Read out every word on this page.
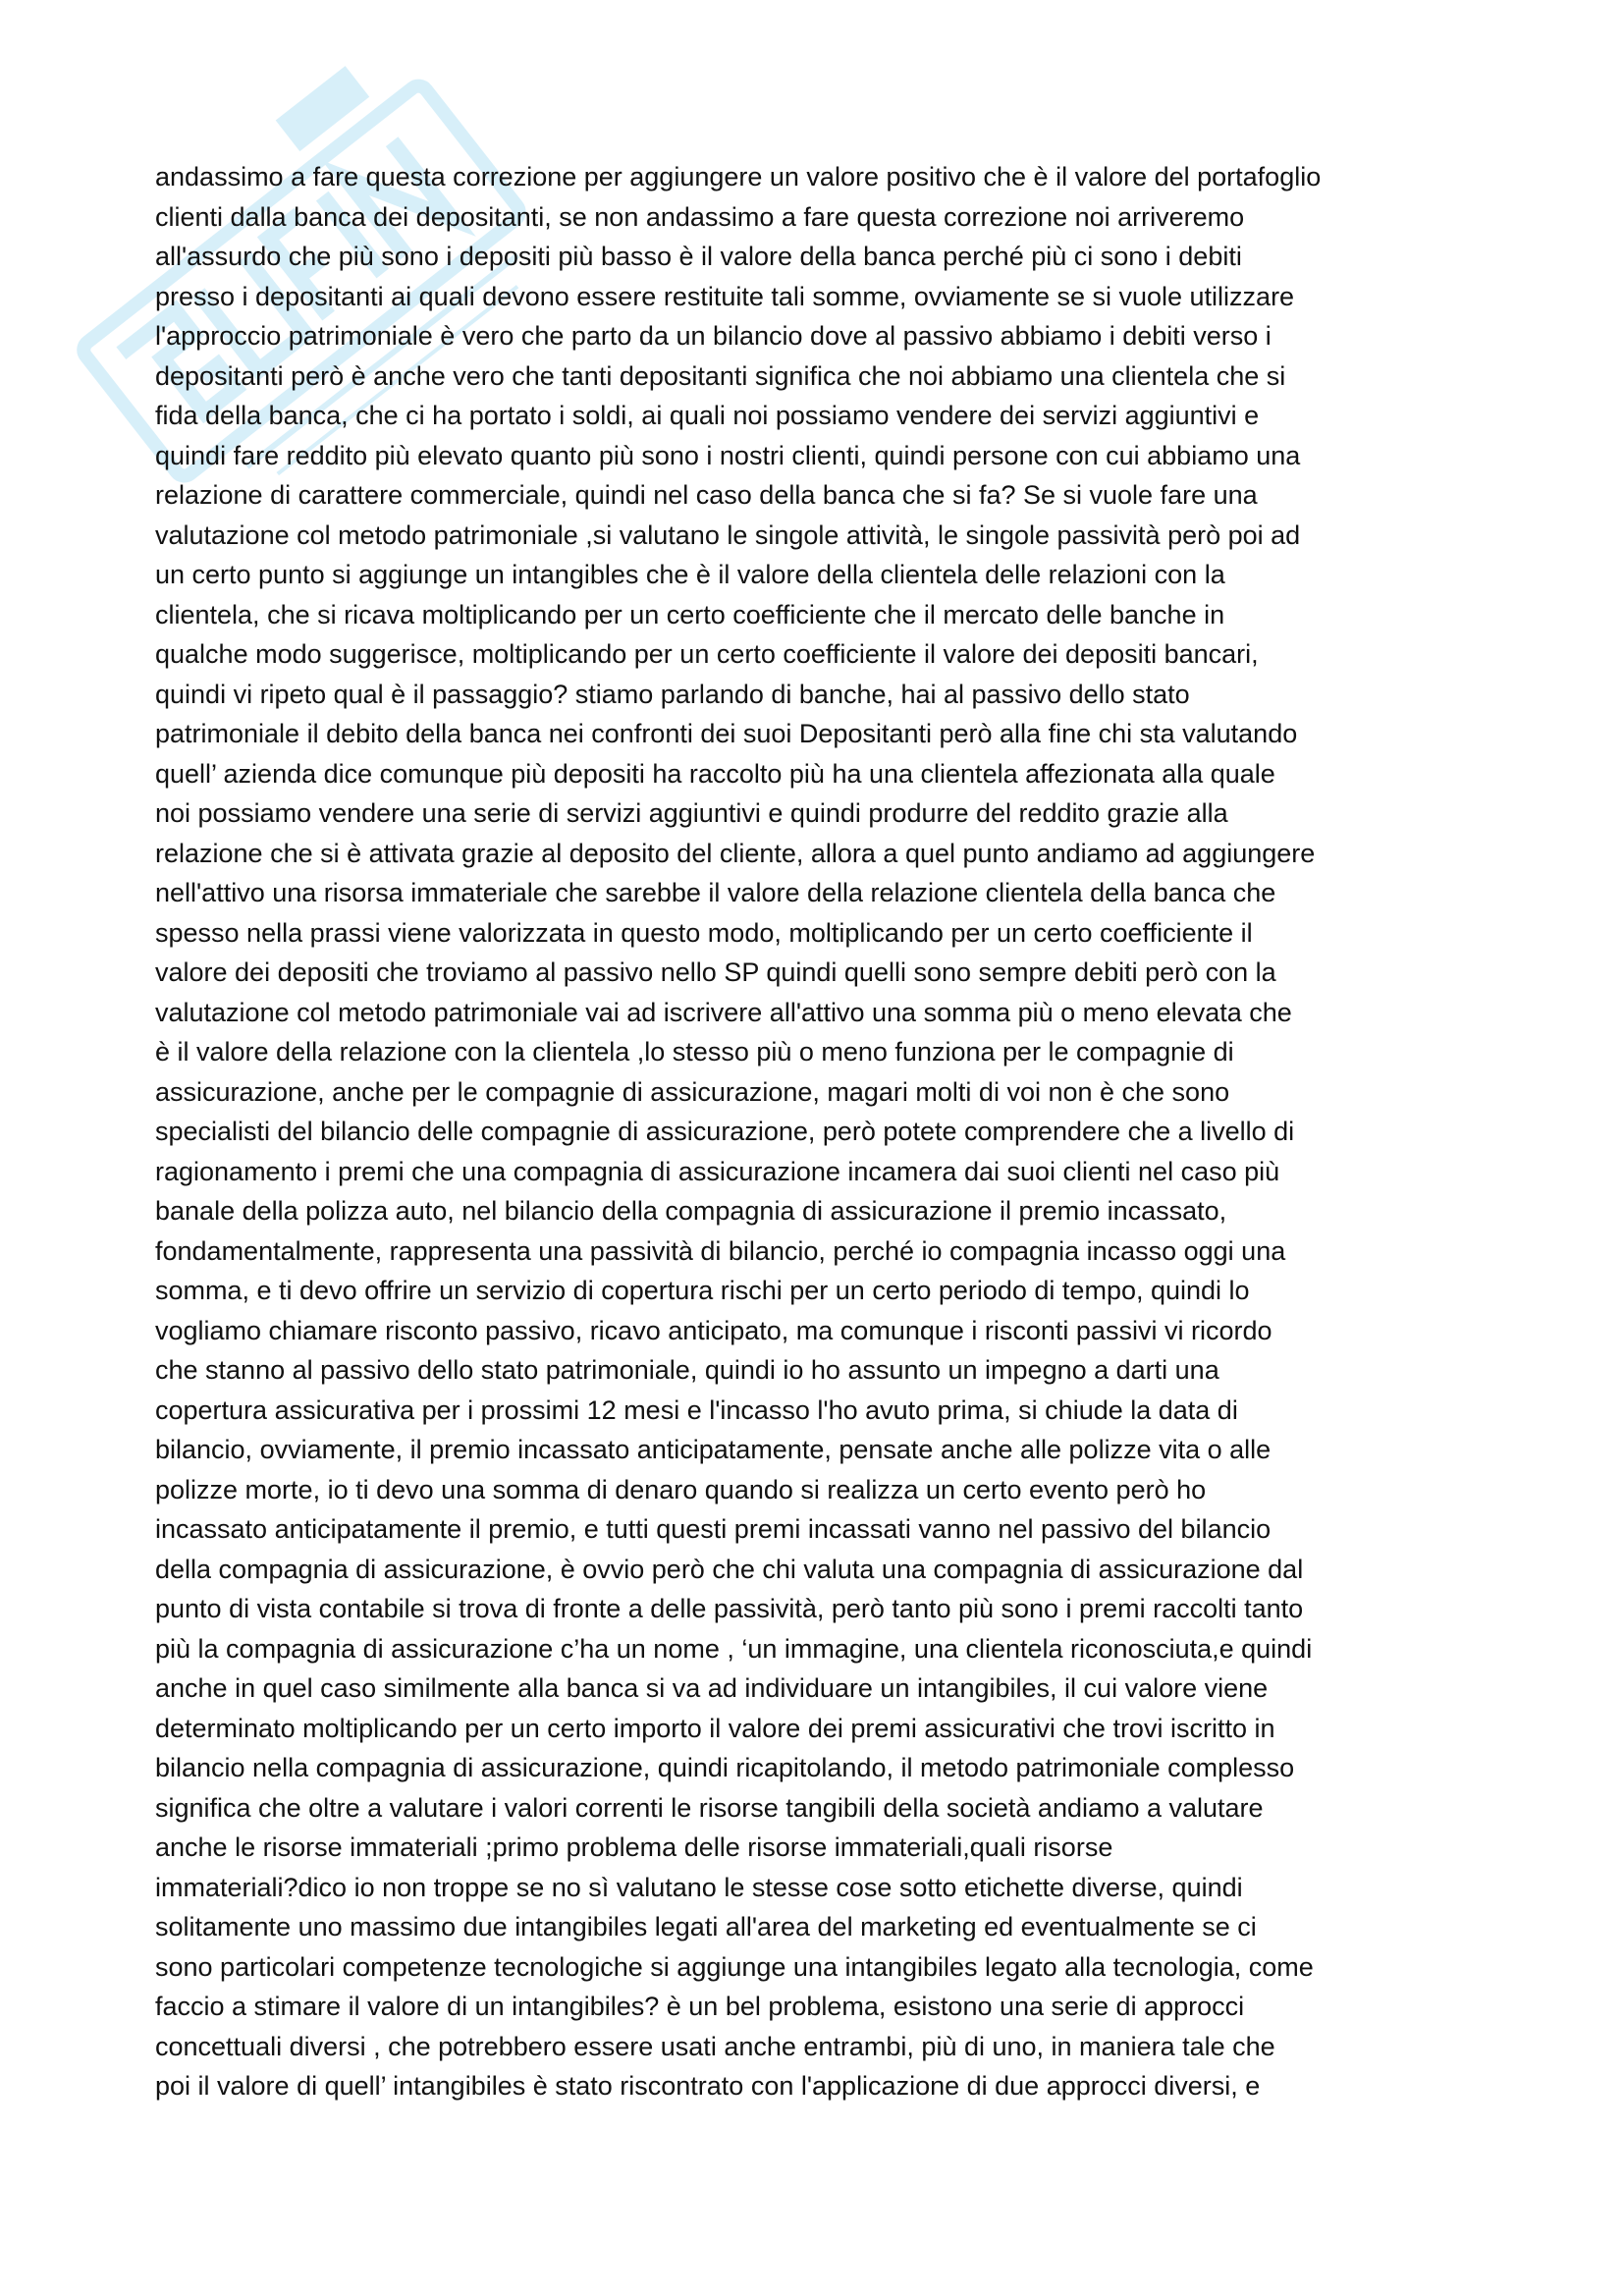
andassimo a fare questa correzione per aggiungere un valore positivo che è il valore del portafoglio
clienti dalla banca dei depositanti, se non andassimo a fare questa correzione noi arriveremo
all'assurdo che più sono i depositi più basso è il valore della banca perché più ci sono i debiti
presso i depositanti ai quali devono essere restituite tali somme, ovviamente se si vuole utilizzare
l'approccio patrimoniale è vero che parto da un bilancio dove al passivo abbiamo i debiti verso i
depositanti però è anche vero che tanti depositanti significa che noi abbiamo una clientela che si
fida della banca, che ci ha portato i soldi, ai quali noi possiamo vendere dei servizi aggiuntivi e
quindi fare reddito più elevato quanto più sono i nostri clienti, quindi persone con cui abbiamo una
relazione di carattere commerciale, quindi nel caso della banca che si fa? Se si vuole fare una
valutazione col metodo patrimoniale ,si valutano le singole attività, le singole passività però poi ad
un certo punto si aggiunge un intangibles che è il valore della clientela delle relazioni con la
clientela, che si ricava moltiplicando per un certo coefficiente che il mercato delle banche in
qualche modo suggerisce, moltiplicando per un certo coefficiente il valore dei depositi bancari,
quindi vi ripeto qual è il passaggio? stiamo parlando di banche, hai al passivo dello stato
patrimoniale il debito della banca nei confronti dei suoi Depositanti però alla fine chi sta valutando
quell’ azienda dice comunque più depositi ha raccolto più ha una clientela affezionata alla quale
noi possiamo vendere una serie di servizi aggiuntivi e quindi produrre del reddito grazie alla
relazione che si è attivata grazie al deposito del cliente, allora a quel punto andiamo ad aggiungere
nell'attivo una risorsa immateriale che sarebbe il valore della relazione clientela della banca che
spesso nella prassi viene valorizzata in questo modo, moltiplicando per un certo coefficiente il
valore dei depositi che troviamo al passivo nello SP quindi quelli sono sempre debiti però con la
valutazione col metodo patrimoniale vai ad iscrivere all'attivo una somma più o meno elevata che
è il valore della relazione con la clientela ,lo stesso più o meno funziona per le compagnie di
assicurazione, anche per le compagnie di assicurazione, magari molti di voi non è che sono
specialisti del bilancio delle compagnie di assicurazione, però potete comprendere che a livello di
ragionamento i premi che una compagnia di assicurazione incamera dai suoi clienti nel caso più
banale della polizza auto, nel bilancio della compagnia di assicurazione il premio incassato,
fondamentalmente, rappresenta una passività di bilancio, perché io compagnia incasso oggi una
somma, e ti devo offrire un servizio di copertura rischi per un certo periodo di tempo, quindi lo
vogliamo chiamare risconto passivo, ricavo anticipato, ma comunque i risconti passivi vi ricordo
che stanno al passivo dello stato patrimoniale, quindi io ho assunto un impegno a darti una
copertura assicurativa per i prossimi 12 mesi e l'incasso l'ho avuto prima, si chiude la data di
bilancio, ovviamente, il premio incassato anticipatamente, pensate anche alle polizze vita o alle
polizze morte, io ti devo una somma di denaro quando si realizza un certo evento però ho
incassato anticipatamente il premio, e tutti questi premi incassati vanno nel passivo del bilancio
della compagnia di assicurazione, è ovvio però che chi valuta una compagnia di assicurazione dal
punto di vista contabile si trova di fronte a delle passività, però tanto più sono i premi raccolti tanto
più la compagnia di assicurazione c’ha un nome , ‘un immagine, una clientela riconosciuta,e quindi
anche in quel caso similmente alla banca si va ad individuare un intangibiles, il cui valore viene
determinato moltiplicando per un certo importo il valore dei premi assicurativi che trovi iscritto in
bilancio nella compagnia di assicurazione, quindi ricapitolando, il metodo patrimoniale complesso
significa che oltre a valutare i valori correnti le risorse tangibili della società andiamo a valutare
anche le risorse immateriali ;primo problema delle risorse immateriali,quali risorse
immateriali?dico io non troppe se no sì valutano le stesse cose sotto etichette diverse, quindi
solitamente uno massimo due intangibiles legati all'area del marketing ed eventualmente se ci
sono particolari competenze tecnologiche si aggiunge una intangibiles legato alla tecnologia, come
faccio a stimare il valore di un intangibiles? è un bel problema, esistono una serie di approcci
concettuali diversi , che potrebbero essere usati anche entrambi, più di uno, in maniera tale che
poi il valore di quell’ intangibiles è stato riscontrato con l'applicazione di due approcci diversi, e
